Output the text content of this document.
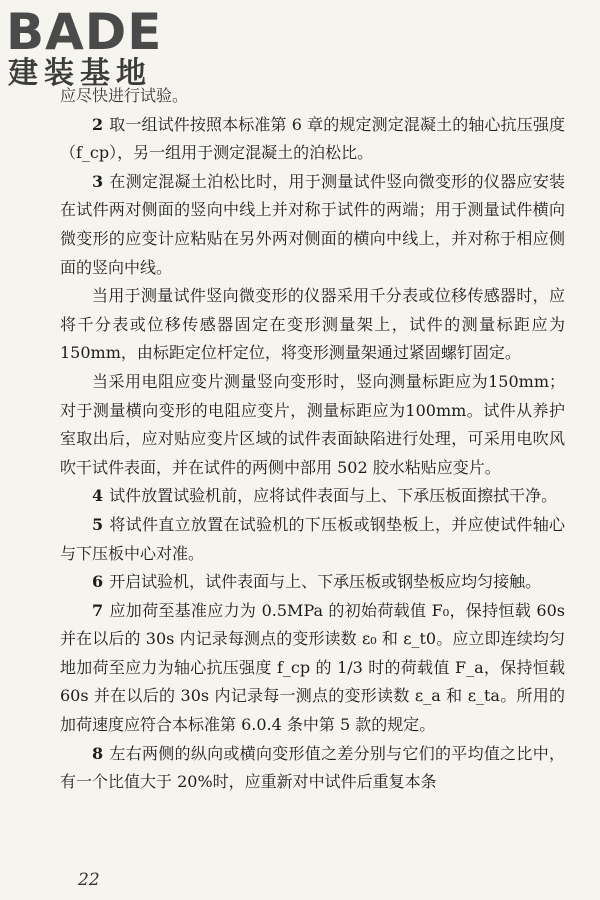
BADE
建装基地

应尽快进行试验。

2 取一组试件按照本标准第 6 章的规定测定混凝土的轴心抗压强度（f_cp），另一组用于测定混凝土的泊松比。

3 在测定混凝土泊松比时，用于测量试件竖向微变形的仪器应安装在试件两对侧面的竖向中线上并对称于试件的两端；用于测量试件横向微变形的应变计应粘贴在另外两对侧面的横向中线上，并对称于相应侧面的竖向中线。

当用于测量试件竖向微变形的仪器采用千分表或位移传感器时，应将千分表或位移传感器固定在变形测量架上，试件的测量标距应为 150mm，由标距定位杆定位，将变形测量架通过紧固螺钉固定。

当采用电阻应变片测量竖向变形时，竖向测量标距应为150mm；对于测量横向变形的电阻应变片，测量标距应为100mm。试件从养护室取出后，应对贴应变片区域的试件表面缺陷进行处理，可采用电吹风吹干试件表面，并在试件的两侧中部用 502 胶水粘贴应变片。

4 试件放置试验机前，应将试件表面与上、下承压板面擦拭干净。

5 将试件直立放置在试验机的下压板或钢垫板上，并应使试件轴心与下压板中心对准。

6 开启试验机，试件表面与上、下承压板或钢垫板应均匀接触。

7 应加荷至基准应力为 0.5MPa 的初始荷载值 F₀，保持恒载 60s 并在以后的 30s 内记录每测点的变形读数 ε₀ 和 ε_t0。应立即连续均匀地加荷至应力为轴心抗压强度 f_cp 的 1/3 时的荷载值 F_a，保持恒载 60s 并在以后的 30s 内记录每一测点的变形读数 ε_a 和 ε_ta。所用的加荷速度应符合本标准第 6.0.4 条中第 5 款的规定。

8 左右两侧的纵向或横向变形值之差分别与它们的平均值之比中，有一个比值大于 20%时，应重新对中试件后重复本条

22
